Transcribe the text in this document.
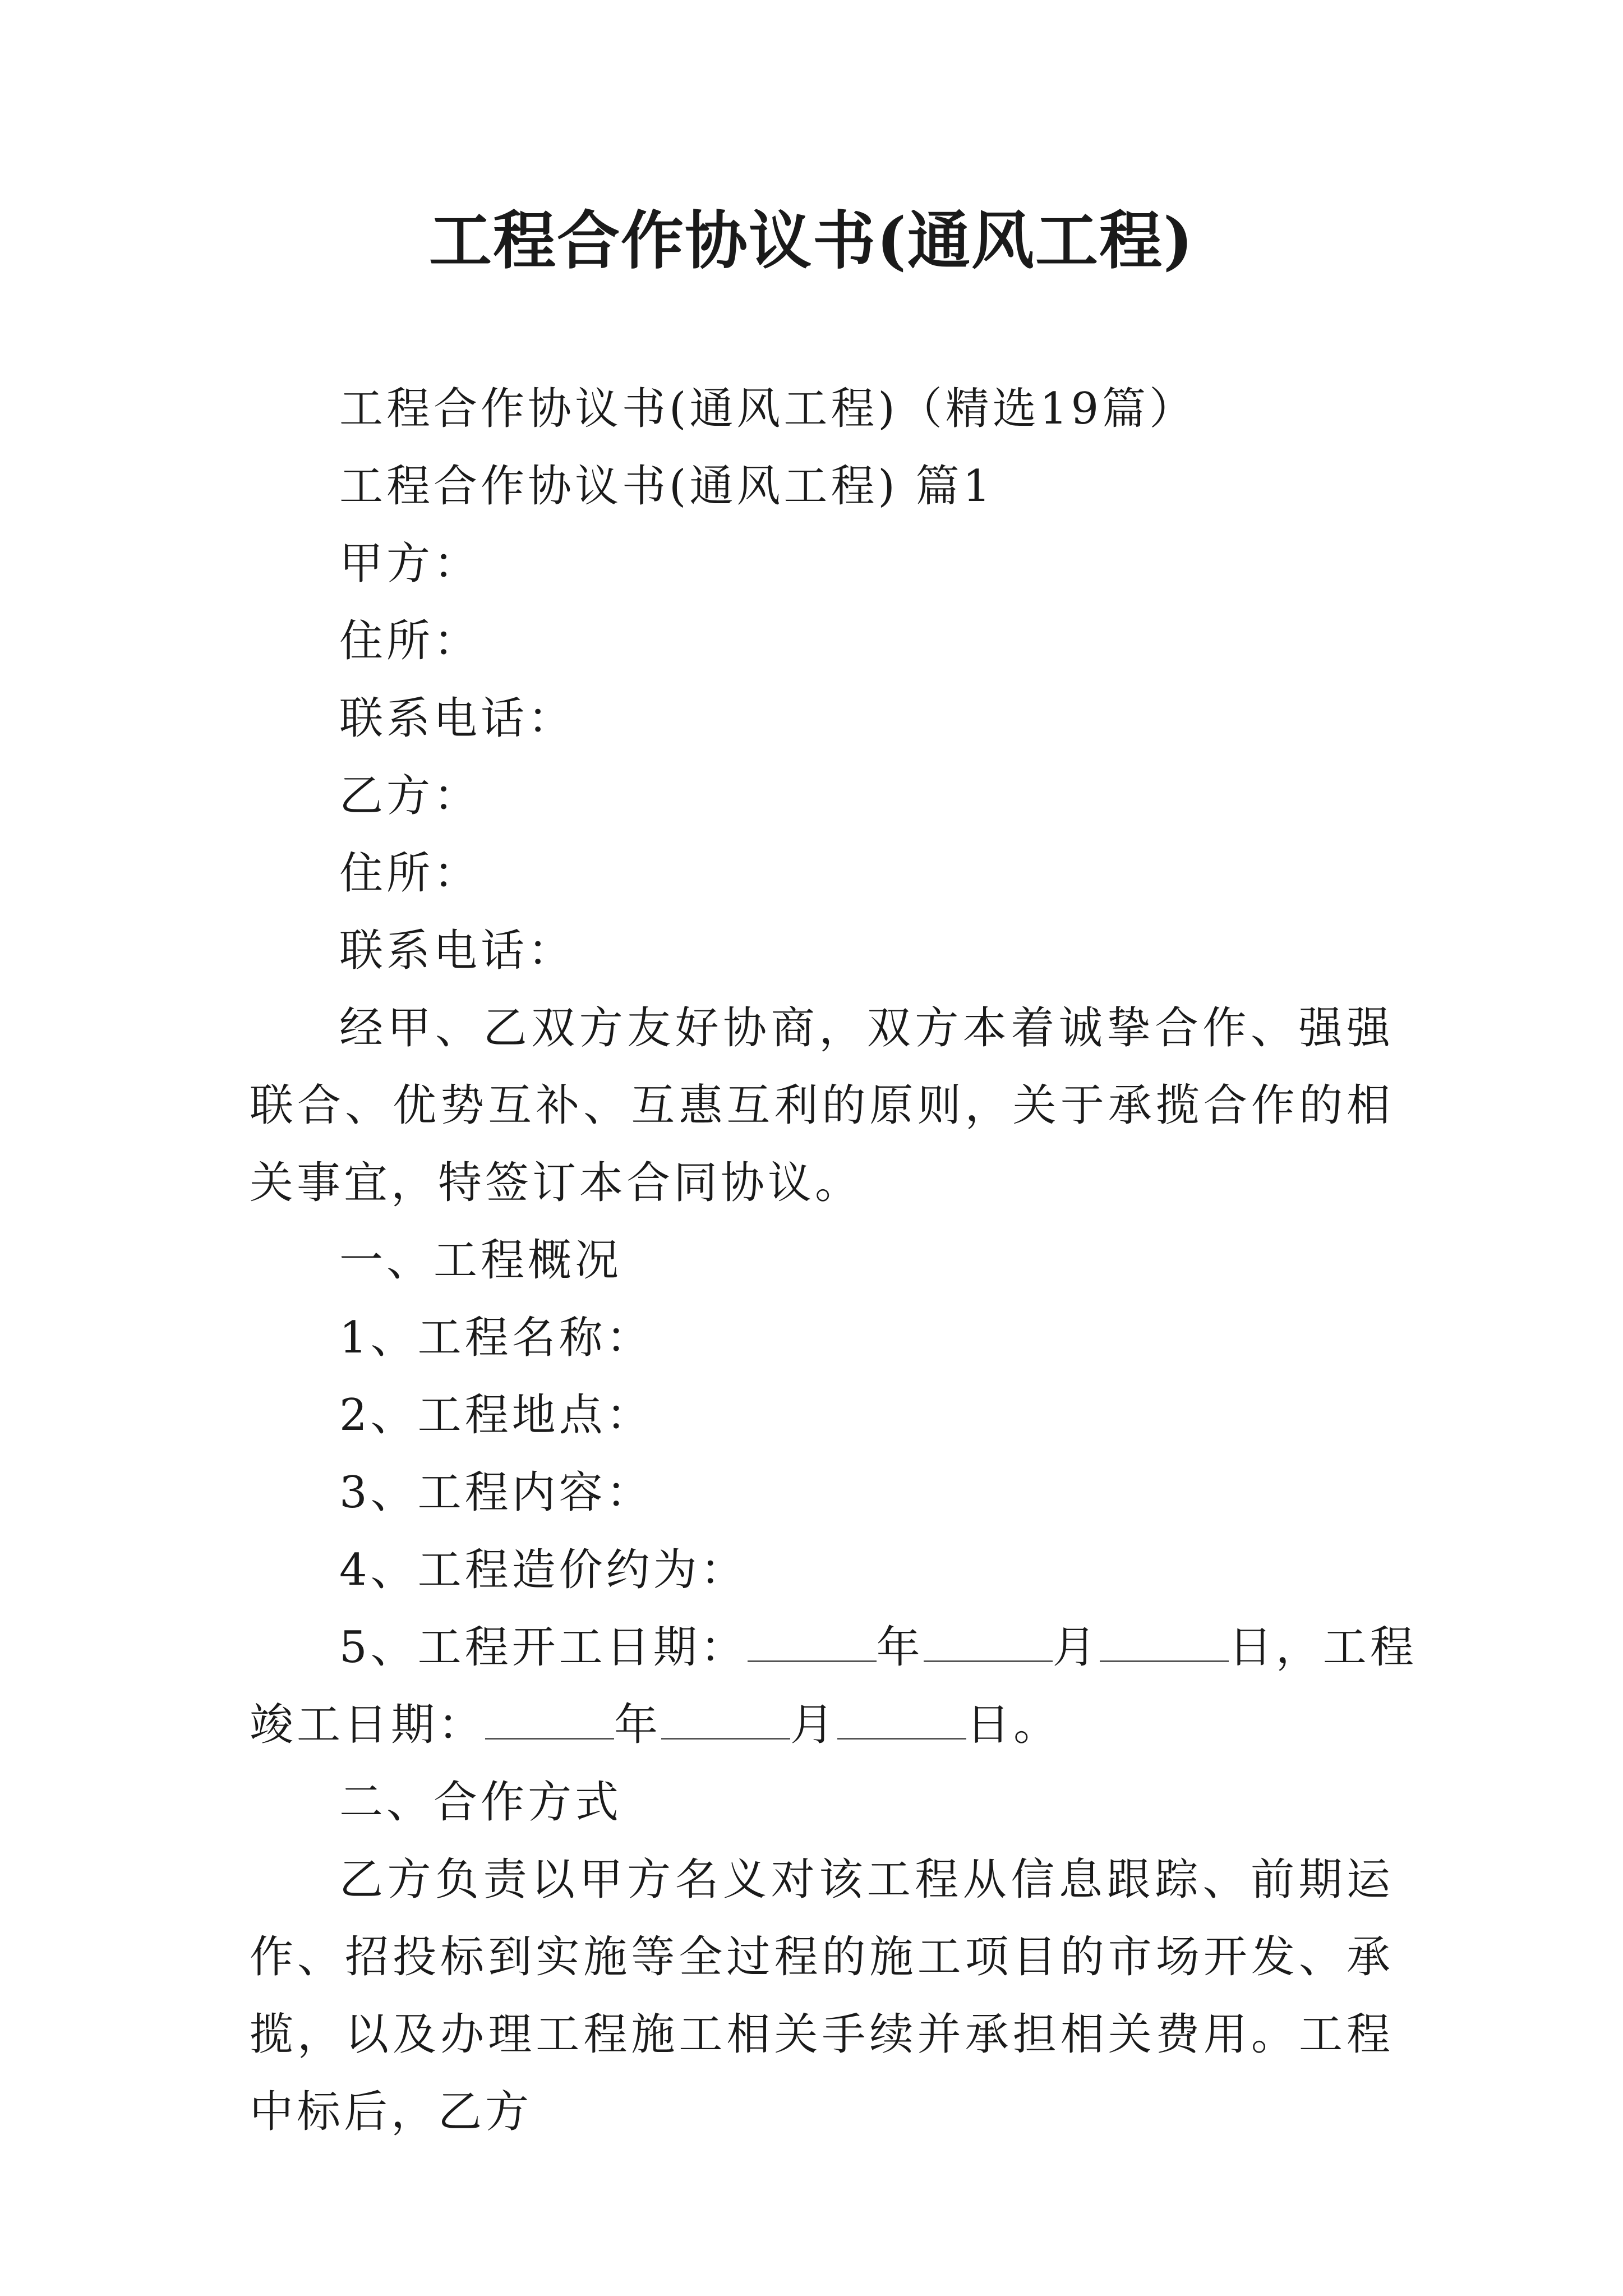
工程合作协议书(通风工程)
工程合作协议书(通风工程)（精选19篇）
工程合作协议书(通风工程) 篇1
甲方：
住所：
联系电话：
乙方：
住所：
联系电话：

经甲、乙双方友好协商，双方本着诚挚合作、强强联合、优势互补、互惠互利的原则，关于承揽合作的相关事宜，特签订本合同协议。

一、工程概况
1、工程名称：
2、工程地点：
3、工程内容：
4、工程造价约为：
5、工程开工日期：	年	月	日，工程
竣工日期：	年	月	日。
二、合作方式

乙方负责以甲方名义对该工程从信息跟踪、前期运作、招投标到实施等全过程的施工项目的市场开发、承揽，以及办理工程施工相关手续并承担相关费用。工程中标后，乙方
